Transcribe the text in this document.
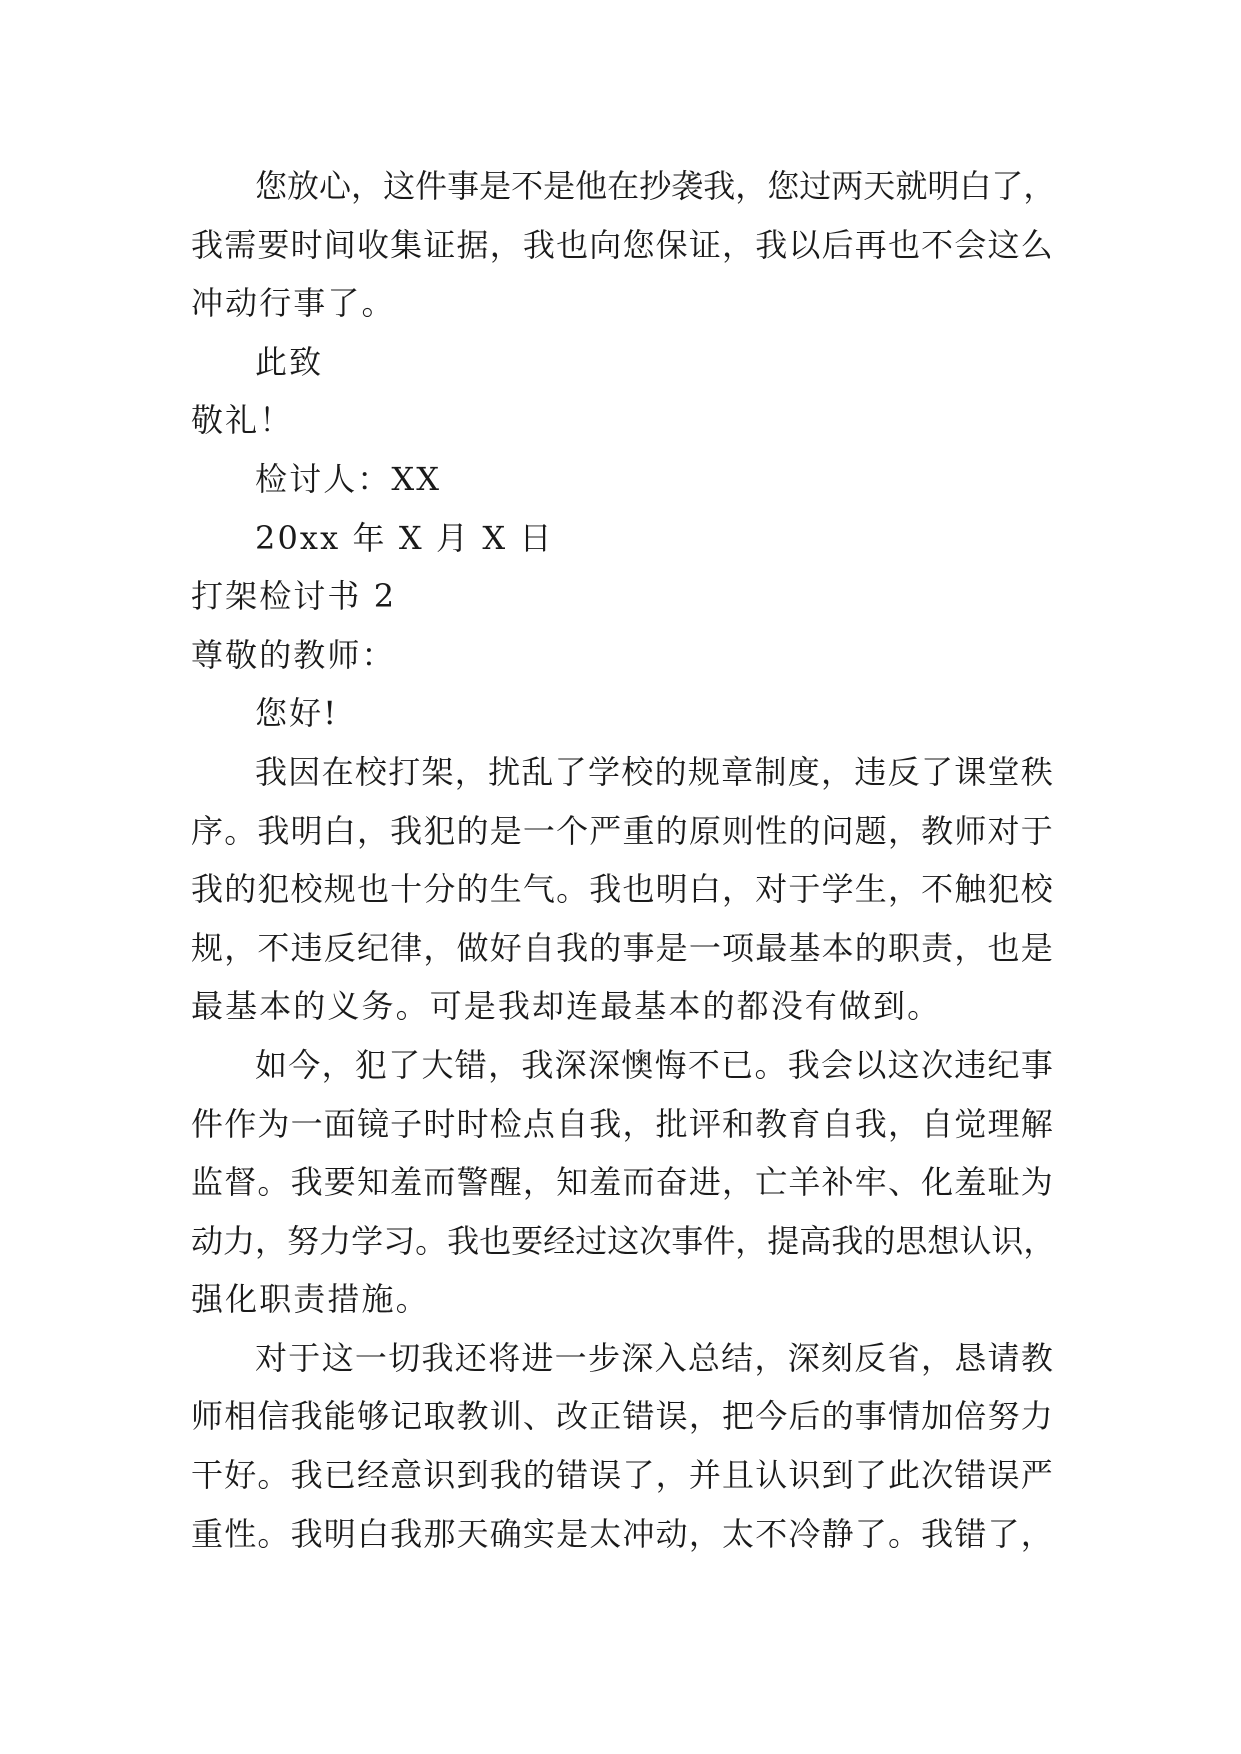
您 放 心 ， 这 件 事 是 不 是 他 在 抄 袭 我 ， 您 过 两 天 就 明 白 了 ，
我 需 要 时 间 收 集 证 据 ， 我 也 向 您 保 证 ， 我 以 后 再 也 不 会 这 么
冲动行事了。
此致
敬礼！
检讨人：XX
20xx 年 X 月 X 日
打架检讨书 2
尊敬的教师：
您好!
我 因 在 校 打 架 ， 扰 乱 了 学 校 的 规 章 制 度 ， 违 反 了 课 堂 秩
序 。 我 明 白 ， 我 犯 的 是 一 个 严 重 的 原 则 性 的 问 题 ， 教 师 对 于
我 的 犯 校 规 也 十 分 的 生 气 。 我 也 明 白 ， 对 于 学 生 ， 不 触 犯 校
规 ， 不 违 反 纪 律 ， 做 好 自 我 的 事 是 一 项 最 基 本 的 职 责 ， 也 是
最基本的义务。可是我却连最基本的都没有做到。
如 今 ， 犯 了 大 错 ， 我 深 深 懊 悔 不 已 。 我 会 以 这 次 违 纪 事
件 作 为 一 面 镜 子 时 时 检 点 自 我 ， 批 评 和 教 育 自 我 ， 自 觉 理 解
监 督 。 我 要 知 羞 而 警 醒 ， 知 羞 而 奋 进 ， 亡 羊 补 牢 、 化 羞 耻 为
动 力 ， 努 力 学 习 。 我 也 要 经 过 这 次 事 件 ， 提 高 我 的 思 想 认 识 ，
强化职责措施。
对 于 这 一 切 我 还 将 进 一 步 深 入 总 结 ， 深 刻 反 省 ， 恳 请 教
师 相 信 我 能 够 记 取 教 训 、 改 正 错 误 ， 把 今 后 的 事 情 加 倍 努 力
干 好 。 我 已 经 意 识 到 我 的 错 误 了 ， 并 且 认 识 到 了 此 次 错 误 严
重 性 。 我 明 白 我 那 天 确 实 是 太 冲 动 ， 太 不 冷 静 了 。 我 错 了 ，
